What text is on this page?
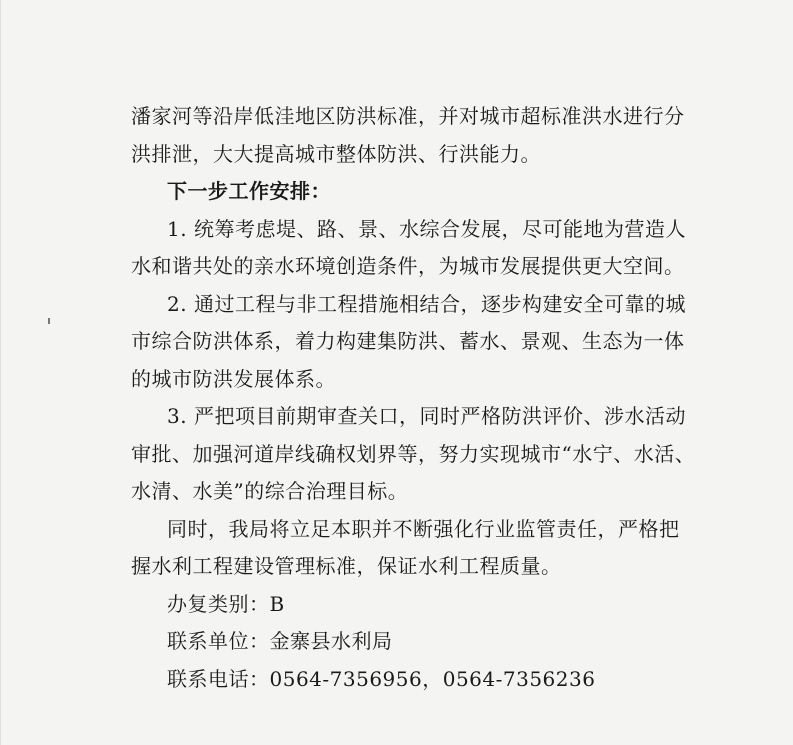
潘家河等沿岸低洼地区防洪标准，并对城市超标准洪水进行分
洪排泄，大大提高城市整体防洪、行洪能力。
下一步工作安排：
1. 统筹考虑堤、路、景、水综合发展，尽可能地为营造人
水和谐共处的亲水环境创造条件，为城市发展提供更大空间。
2. 通过工程与非工程措施相结合，逐步构建安全可靠的城
市综合防洪体系，着力构建集防洪、蓄水、景观、生态为一体
的城市防洪发展体系。
3. 严把项目前期审查关口，同时严格防洪评价、涉水活动
审批、加强河道岸线确权划界等，努力实现城市“水宁、水活、
水清、水美”的综合治理目标。
同时，我局将立足本职并不断强化行业监管责任，严格把
握水利工程建设管理标准，保证水利工程质量。
办复类别：B
联系单位：金寨县水利局
联系电话：0564-7356956，0564-7356236
